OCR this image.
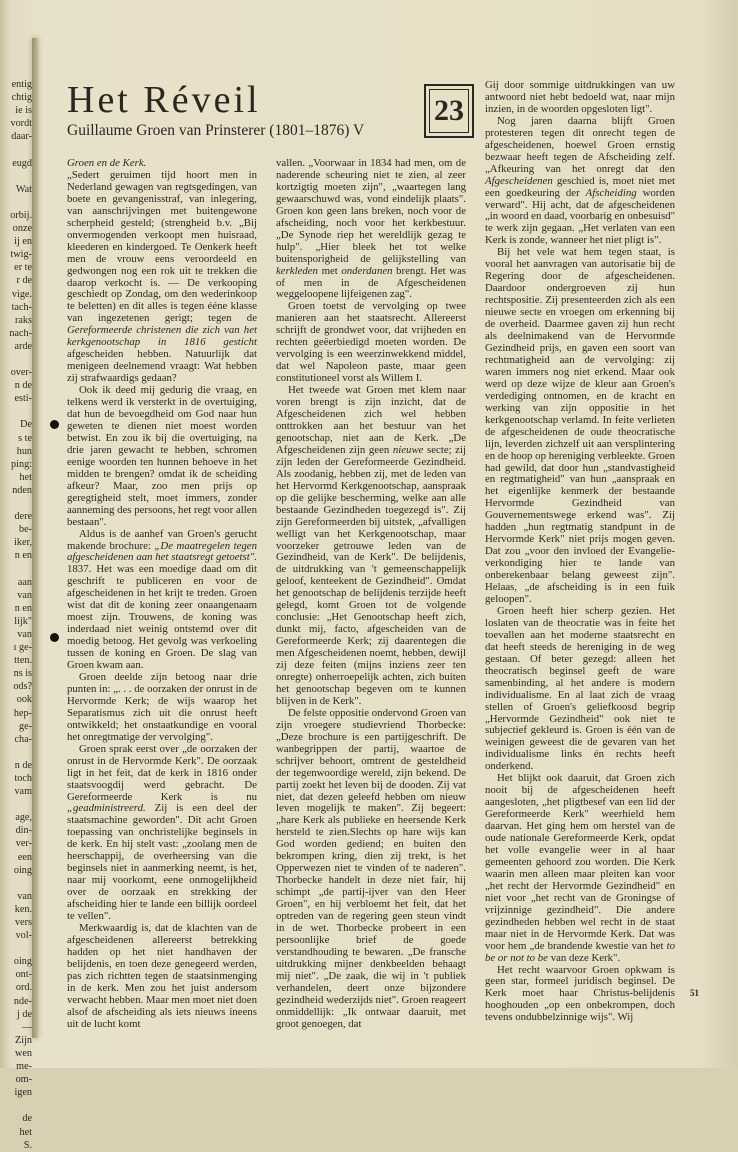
entig
chtig
ie is
vordt
daar-
eugd
Wat
orbij.
onze
ij en
twig-
er te
r de
vige.
tach-
raks
nach-
arde
over-
n de
esti-
De
s te
hun
ping:
het
nden
dere
be-
iker,
n en
aan
van
n en
lijk"
van
ı ge-
tten.
ns is
ods?
ook
hep-
ge-
cha-
n de
toch
vam
age,
din-
ver-
een
oing
van
ken.
vers
vol-
oing
ont-
ord.
nde-
j de
—
Zijn
wen
me-
om-
igen
de
het
S.
Het Réveil
Guillaume Groen van Prinsterer (1801–1876) V
23

Groen en de Kerk.

„Sedert geruimen tijd hoort men in Nederland gewagen van regtsgedingen, van boete en gevangenisstraf, van inlegering, van aanschrijvingen met buitengewone scherpheid gesteld; (strengheid b.v. „Bij onvermogenden verkoopt men huisraad, kleederen en kindergoed. Te Oenkerk heeft men de vrouw eens veroordeeld en gedwongen nog een rok uit te trekken die daarop verkocht is. — De verkooping geschiedt op Zondag, om den wederinkoop te beletten) en dit alles is tegen ééne klasse van ingezetenen gerigt; tegen de Gereformeerde christenen die zich van het kerkgenootschap in 1816 gesticht afgescheiden hebben. Natuurlijk dat menigeen deelnemend vraagt: Wat hebben zij strafwaardigs gedaan?

Ook ik deed mij gedurig die vraag, en telkens werd ik versterkt in de overtuiging, dat hun de bevoegdheid om God naar hun geweten te dienen niet moest worden betwist. En zou ik bij die overtuiging, na drie jaren gewacht te hebben, schromen eenige woorden ten hunnen behoeve in het midden te brengen? omdat ik de scheiding afkeur? Maar, zoo men prijs op geregtigheid stelt, moet immers, zonder aanneming des persoons, het regt voor allen bestaan".

Aldus is de aanhef van Groen's gerucht makende brochure: „De maatregelen tegen afgescheidenen aan het staatsregt getoetst". 1837. Het was een moedige daad om dit geschrift te publiceren en voor de afgescheidenen in het krijt te treden. Groen wist dat dit de koning zeer onaangenaam moest zijn. Trouwens, de koning was inderdaad niet weinig ontstemd over dit moedig betoog. Het gevolg was verkoeling tussen de koning en Groen. De slag van Groen kwam aan.

Groen deelde zijn betoog naar drie punten in: „. . . de oorzaken der onrust in de Hervormde Kerk; de wijs waarop het Separatismus zich uit die onrust heeft ontwikkeld; het onstaatkundige en vooral het onregtmatige der vervolging".

Groen sprak eerst over „de oorzaken der onrust in de Hervormde Kerk". De oorzaak ligt in het feit, dat de kerk in 1816 onder staatsvoogdij werd gebracht. De Gereformeerde Kerk is nu „geadministreerd. Zij is een deel der staatsmachine geworden". Dit acht Groen toepassing van onchristelijke beginsels in de kerk. En hij stelt vast: „zoolang men de heerschappij, de overheersing van die beginsels niet in aanmerking neemt, is het, naar mij voorkomt, eene onmogelijkheid over de oorzaak en strekking der afscheiding hier te lande een billijk oordeel te vellen".

Merkwaardig is, dat de klachten van de afgescheidenen allereerst betrekking hadden op het niet handhaven der belijdenis, en toen deze genegeerd werden, pas zich richtten tegen de staatsinmenging in de kerk. Men zou het juist andersom verwacht hebben. Maar men moet niet doen alsof de afscheiding als iets nieuws ineens uit de lucht komt

vallen. „Voorwaar in 1834 had men, om de naderende scheuring niet te zien, al zeer kortzigtig moeten zijn", „waartegen lang gewaarschuwd was, vond eindelijk plaats". Groen kon geen lans breken, noch voor de afscheiding, noch voor het kerkbestuur. „De Synode riep het wereldlijk gezag te hulp". „Hier bleek het tot welke buitensporigheid de gelijkstelling van kerkleden met onderdanen brengt. Het was of men in de Afgescheidenen weggeloopene lijfeigenen zag".

Groen toetst de vervolging op twee manieren aan het staatsrecht. Allereerst schrijft de grondwet voor, dat vrijheden en rechten geëerbiedigd moeten worden. De vervolging is een weerzinwekkend middel, dat wel Napoleon paste, maar geen constitutioneel vorst als Willem I.

Het tweede wat Groen met klem naar voren brengt is zijn inzicht, dat de Afgescheidenen zich wel hebben onttrokken aan het bestuur van het genootschap, niet aan de Kerk. „De Afgescheidenen zijn geen nieuwe secte; zij zijn leden der Gereformeerde Gezindheid. Als zoodanig, hebben zij, met de leden van het Hervormd Kerkgenootschap, aanspraak op die gelijke bescherming, welke aan alle bestaande Gezindheden toegezegd is". Zij zijn Gereformeerden bij uitstek, „afvalligen welligt van het Kerkgenootschap, maar voorzeker getrouwe leden van de Gezindheid, van de Kerk". De belijdenis, de uitdrukking van 't gemeenschappelijk geloof, kenteekent de Gezindheid". Omdat het genootschap de belijdenis terzijde heeft gelegd, komt Groen tot de volgende conclusie: „Het Genootschap heeft zich, dunkt mij, facto, afgescheiden van de Gereformeerde Kerk; zij daarentegen die men Afgescheidenen noemt, hebben, dewijl zij deze feiten (mijns inziens zeer ten onregte) onherroepelijk achten, zich buiten het genootschap begeven om te kunnen blijven in de Kerk".

De felste oppositie ondervond Groen van zijn vroegere studievriend Thorbecke: „Deze brochure is een partijgeschrift. De wanbegrippen der partij, waartoe de schrijver behoort, omtrent de gesteldheid der tegenwoordige wereld, zijn bekend. De partij zoekt het leven bij de dooden. Zij vat niet, dat dezen geleefd hebben om nieuw leven mogelijk te maken". Zij begeert: „hare Kerk als publieke en heersende Kerk hersteld te zien.Slechts op hare wijs kan God worden gediend; en buiten den bekrompen kring, dien zij trekt, is het Opperwezen niet te vinden of te naderen". Thorbecke handelt in deze niet fair, hij schimpt „de partij-ijver van den Heer Groen", en hij verbloemt het feit, dat het optreden van de regering geen steun vindt in de wet. Thorbecke probeert in een persoonlijke brief de goede verstandhouding te bewaren. „De fransche uitdrukking mijner denkbeelden behaagt mij niet". „De zaak, die wij in 't publiek verhandelen, deert onze bijzondere gezindheid wederzijds niet". Groen reageert onmiddellijk: „Ik ontwaar daaruit, met groot genoegen, dat

Gij door sommige uitdrukkingen van uw antwoord niet hebt bedoeld wat, naar mijn inzien, in de woorden opgesloten ligt".

Nog jaren daarna blijft Groen protesteren tegen dit onrecht tegen de afgescheidenen, hoewel Groen ernstig bezwaar heeft tegen de Afscheiding zelf. „Afkeuring van het onregt dat den Afgescheidenen geschied is, moet niet met een goedkeuring der Afscheiding worden verward". Hij acht, dat de afgescheidenen „in woord en daad, voorbarig en onbesuisd" te werk zijn gegaan. „Het verlaten van een Kerk is zonde, wanneer het niet pligt is".

Bij het vele wat hem tegen staat, is vooral het aanvragen van autorisatie bij de Regering door de afgescheidenen. Daardoor ondergroeven zij hun rechtspositie. Zij presenteerden zich als een nieuwe secte en vroegen om erkenning bij de overheid. Daarmee gaven zij hun recht als deelnimakend van de Hervormde Gezindheid prijs, en gaven een soort van rechtmatigheid aan de vervolging: zij waren immers nog niet erkend. Maar ook werd op deze wijze de kleur aan Groen's verdediging ontnomen, en de kracht en werking van zijn oppositie in het kerkgenootschap verlamd. In feite verlieten de afgescheidenen de oude theocratische lijn, leverden zichzelf uit aan versplintering en de hoop op hereniging verbleekte. Groen had gewild, dat door hun „standvastigheid en regtmatigheid" van hun „aanspraak en het eigenlijke kenmerk der bestaande Hervormde Gezindheid van Gouvernementswege erkend was". Zij hadden „hun regtmatig standpunt in de Hervormde Kerk" niet prijs mogen geven. Dat zou „voor den invloed der Evangelie-verkondiging hier te lande van onberekenbaar belang geweest zijn". Helaas, „de afscheiding is in een fuik geloopen".

Groen heeft hier scherp gezien. Het loslaten van de theocratie was in feite het toevallen aan het moderne staatsrecht en dat heeft steeds de hereniging in de weg gestaan. Of beter gezegd: alleen het theocratisch beginsel geeft de ware samenbinding, al het andere is modern individualisme. En al laat zich de vraag stellen of Groen's geliefkoosd begrip „Hervormde Gezindheid" ook niet te subjectief gekleurd is. Groen is één van de weinigen geweest die de gevaren van het individualisme links én rechts heeft onderkend.

Het blijkt ook daaruit, dat Groen zich nooit bij de afgescheidenen heeft aangesloten, „het pligtbesef van een lid der Gereformeerde Kerk" weerhield hem daarvan. Het ging hem om herstel van de oude nationale Gereformeerde Kerk, opdat het volle evangelie weer in al haar gemeenten gehoord zou worden. Die Kerk waarin men alleen maar pleiten kan voor „het recht der Hervormde Gezindheid" en niet voor „het recht van de Groningse of vrijzinnige gezindheid". Die andere gezindheden hebben wel recht in de staat maar niet in de Hervormde Kerk. Dat was voor hem „de brandende kwestie van het to be or not to be van deze Kerk".

Het recht waarvoor Groen opkwam is geen star, formeel juridisch beginsel. De Kerk moet haar Christus-belijdenis hooghouden „op een onbekrompen, doch tevens ondubbelzinnige wijs". Wij

51
